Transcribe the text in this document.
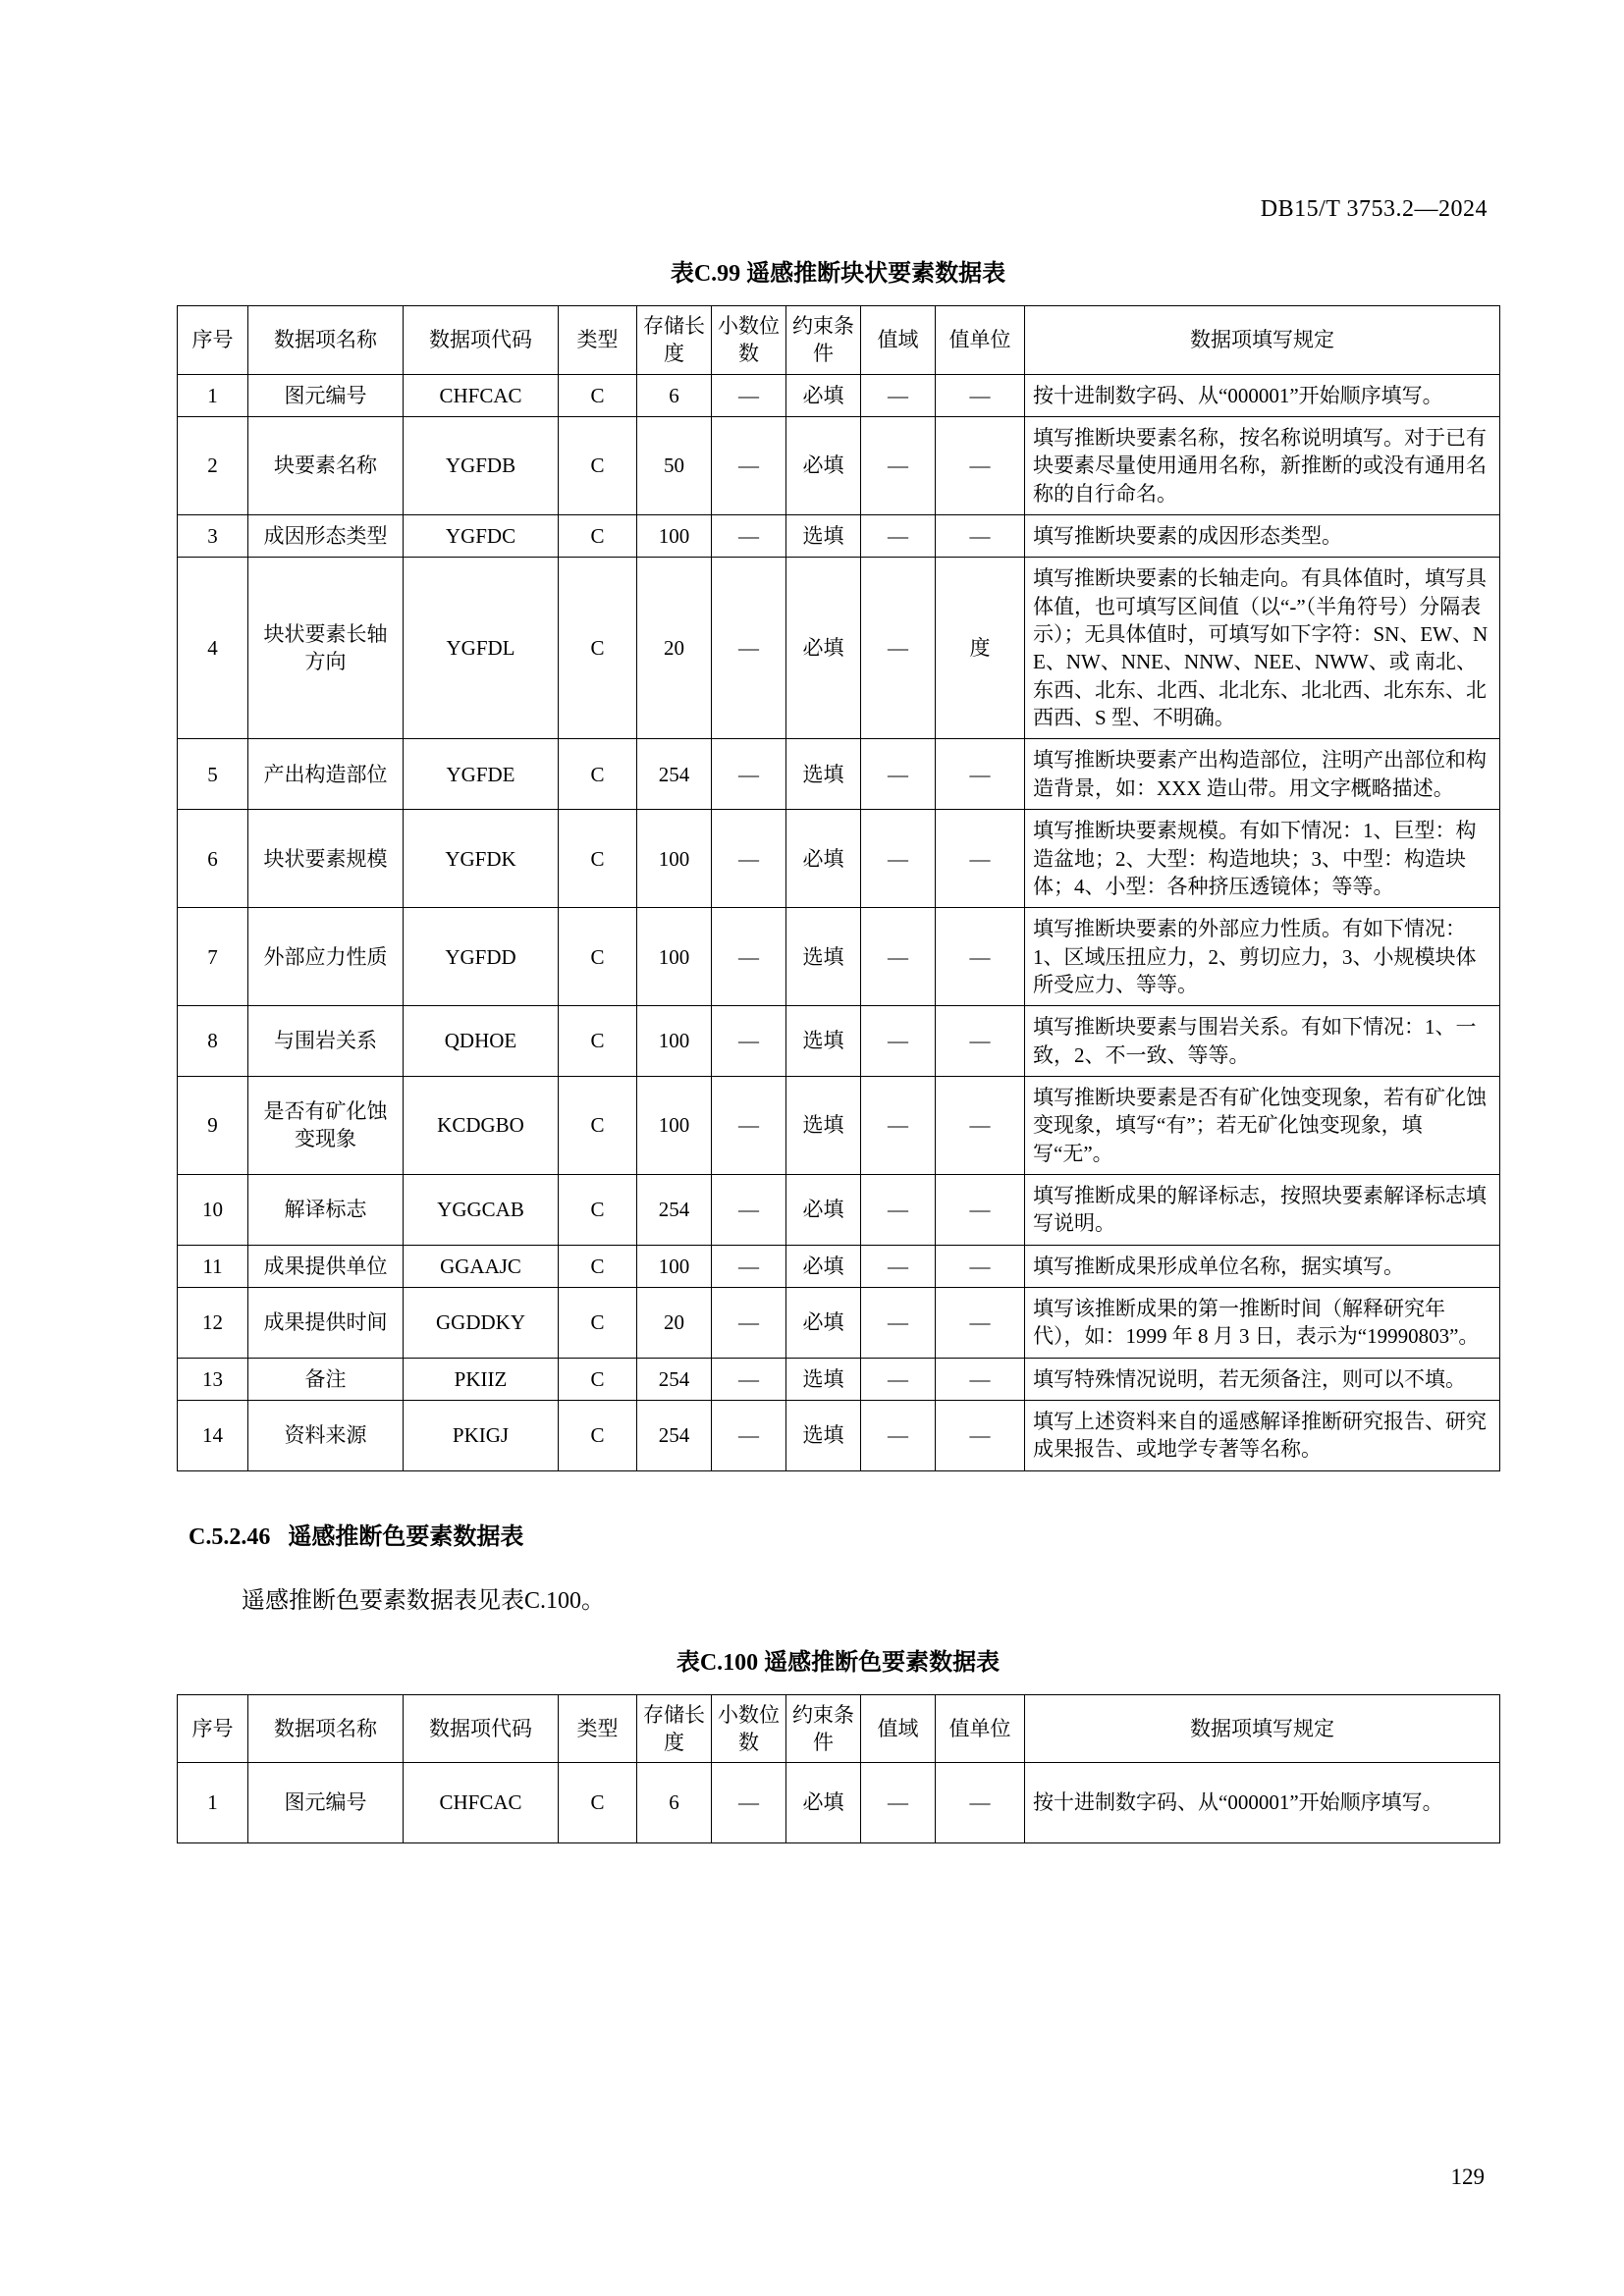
DB15/T 3753.2—2024
表C.99 遥感推断块状要素数据表
序号	数据项名称	数据项代码	类型	存储长度	小数位数	约束条件	值域	值单位	数据项填写规定
1	图元编号	CHFCAC	C	6	—	必填	—	—	按十进制数字码、从“000001”开始顺序填写。
2	块要素名称	YGFDB	C	50	—	必填	—	—	填写推断块要素名称，按名称说明填写。对于已有块要素尽量使用通用名称，新推断的或没有通用名称的自行命名。
3	成因形态类型	YGFDC	C	100	—	选填	—	—	填写推断块要素的成因形态类型。
4	块状要素长轴方向	YGFDL	C	20	—	必填	—	度	填写推断块要素的长轴走向。有具体值时，填写具体值，也可填写区间值（以“-”（半角符号）分隔表示）；无具体值时，可填写如下字符：SN、EW、NE、NW、NNE、NNW、NEE、NWW、或 南北、东西、北东、北西、北北东、北北西、北东东、北西西、S 型、不明确。
5	产出构造部位	YGFDE	C	254	—	选填	—	—	填写推断块要素产出构造部位，注明产出部位和构造背景，如：XXX 造山带。用文字概略描述。
6	块状要素规模	YGFDK	C	100	—	必填	—	—	填写推断块要素规模。有如下情况：1、巨型：构造盆地；2、大型：构造地块；3、中型：构造块体；4、小型：各种挤压透镜体；等等。
7	外部应力性质	YGFDD	C	100	—	选填	—	—	填写推断块要素的外部应力性质。有如下情况：1、区域压扭应力，2、剪切应力，3、小规模块体所受应力、等等。
8	与围岩关系	QDHOE	C	100	—	选填	—	—	填写推断块要素与围岩关系。有如下情况：1、一致，2、不一致、等等。
9	是否有矿化蚀变现象	KCDGBO	C	100	—	选填	—	—	填写推断块要素是否有矿化蚀变现象，若有矿化蚀变现象，填写“有”；若无矿化蚀变现象，填写“无”。
10	解译标志	YGGCAB	C	254	—	必填	—	—	填写推断成果的解译标志，按照块要素解译标志填写说明。
11	成果提供单位	GGAAJC	C	100	—	必填	—	—	填写推断成果形成单位名称，据实填写。
12	成果提供时间	GGDDKY	C	20	—	必填	—	—	填写该推断成果的第一推断时间（解释研究年代），如：1999 年 8 月 3 日，表示为“19990803”。
13	备注	PKIIZ	C	254	—	选填	—	—	填写特殊情况说明，若无须备注，则可以不填。
14	资料来源	PKIGJ	C	254	—	选填	—	—	填写上述资料来自的遥感解译推断研究报告、研究成果报告、或地学专著等名称。
C.5.2.46 遥感推断色要素数据表

遥感推断色要素数据表见表C.100。

表C.100 遥感推断色要素数据表
序号	数据项名称	数据项代码	类型	存储长度	小数位数	约束条件	值域	值单位	数据项填写规定
1	图元编号	CHFCAC	C	6	—	必填	—	—	按十进制数字码、从“000001”开始顺序填写。
129
